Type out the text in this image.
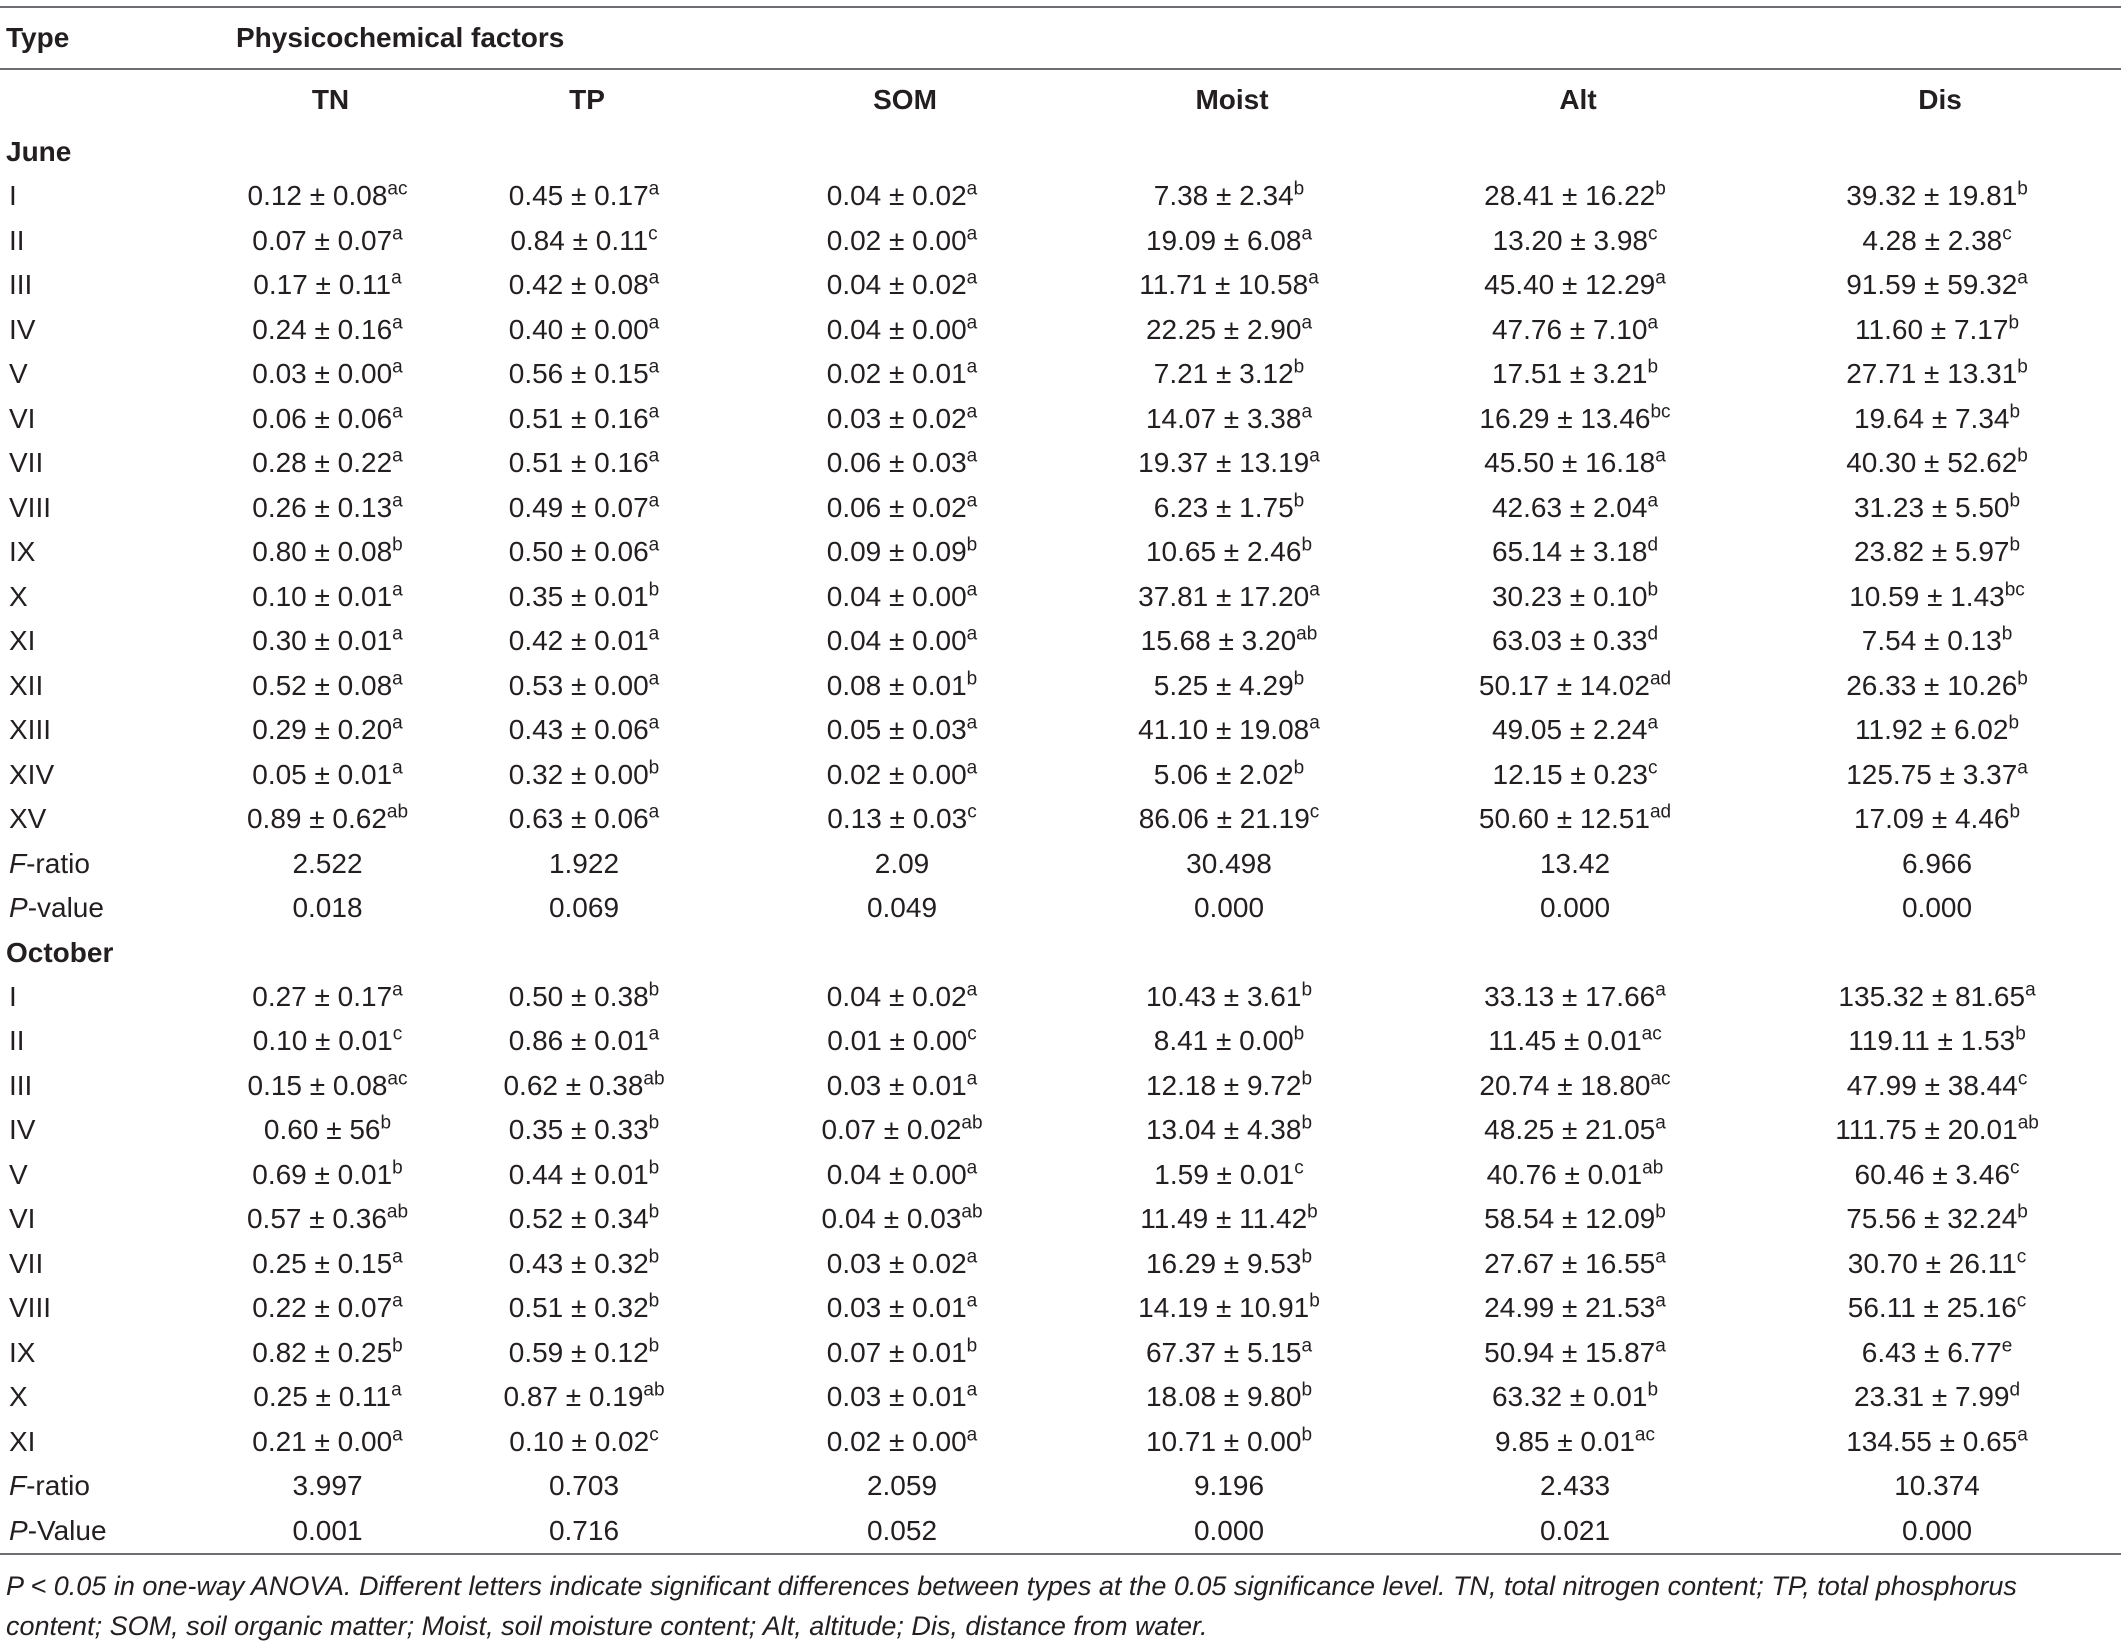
Type	Physicochemical factors					
	TN	TP	SOM	Moist	Alt	Dis
June						
I	0.12 ± 0.08$^{ac}$	0.45 ± 0.17$^a$	0.04 ± 0.02$^a$	7.38 ± 2.34$^b$	28.41 ± 16.22$^b$	39.32 ± 19.81$^b$
II	0.07 ± 0.07$^a$	0.84 ± 0.11$^c$	0.02 ± 0.00$^a$	19.09 ± 6.08$^a$	13.20 ± 3.98$^c$	4.28 ± 2.38$^c$
III	0.17 ± 0.11$^a$	0.42 ± 0.08$^a$	0.04 ± 0.02$^a$	11.71 ± 10.58$^a$	45.40 ± 12.29$^a$	91.59 ± 59.32$^a$
IV	0.24 ± 0.16$^a$	0.40 ± 0.00$^a$	0.04 ± 0.00$^a$	22.25 ± 2.90$^a$	47.76 ± 7.10$^a$	11.60 ± 7.17$^b$
V	0.03 ± 0.00$^a$	0.56 ± 0.15$^a$	0.02 ± 0.01$^a$	7.21 ± 3.12$^b$	17.51 ± 3.21$^b$	27.71 ± 13.31$^b$
VI	0.06 ± 0.06$^a$	0.51 ± 0.16$^a$	0.03 ± 0.02$^a$	14.07 ± 3.38$^a$	16.29 ± 13.46$^{bc}$	19.64 ± 7.34$^b$
VII	0.28 ± 0.22$^a$	0.51 ± 0.16$^a$	0.06 ± 0.03$^a$	19.37 ± 13.19$^a$	45.50 ± 16.18$^a$	40.30 ± 52.62$^b$
VIII	0.26 ± 0.13$^a$	0.49 ± 0.07$^a$	0.06 ± 0.02$^a$	6.23 ± 1.75$^b$	42.63 ± 2.04$^a$	31.23 ± 5.50$^b$
IX	0.80 ± 0.08$^b$	0.50 ± 0.06$^a$	0.09 ± 0.09$^b$	10.65 ± 2.46$^b$	65.14 ± 3.18$^d$	23.82 ± 5.97$^b$
X	0.10 ± 0.01$^a$	0.35 ± 0.01$^b$	0.04 ± 0.00$^a$	37.81 ± 17.20$^a$	30.23 ± 0.10$^b$	10.59 ± 1.43$^{bc}$
XI	0.30 ± 0.01$^a$	0.42 ± 0.01$^a$	0.04 ± 0.00$^a$	15.68 ± 3.20$^{ab}$	63.03 ± 0.33$^d$	7.54 ± 0.13$^b$
XII	0.52 ± 0.08$^a$	0.53 ± 0.00$^a$	0.08 ± 0.01$^b$	5.25 ± 4.29$^b$	50.17 ± 14.02$^{ad}$	26.33 ± 10.26$^b$
XIII	0.29 ± 0.20$^a$	0.43 ± 0.06$^a$	0.05 ± 0.03$^a$	41.10 ± 19.08$^a$	49.05 ± 2.24$^a$	11.92 ± 6.02$^b$
XIV	0.05 ± 0.01$^a$	0.32 ± 0.00$^b$	0.02 ± 0.00$^a$	5.06 ± 2.02$^b$	12.15 ± 0.23$^c$	125.75 ± 3.37$^a$
XV	0.89 ± 0.62$^{ab}$	0.63 ± 0.06$^a$	0.13 ± 0.03$^c$	86.06 ± 21.19$^c$	50.60 ± 12.51$^{ad}$	17.09 ± 4.46$^b$
F-ratio	2.522	1.922	2.09	30.498	13.42	6.966
P-value	0.018	0.069	0.049	0.000	0.000	0.000
October						
I	0.27 ± 0.17$^a$	0.50 ± 0.38$^b$	0.04 ± 0.02$^a$	10.43 ± 3.61$^b$	33.13 ± 17.66$^a$	135.32 ± 81.65$^a$
II	0.10 ± 0.01$^c$	0.86 ± 0.01$^a$	0.01 ± 0.00$^c$	8.41 ± 0.00$^b$	11.45 ± 0.01$^{ac}$	119.11 ± 1.53$^b$
III	0.15 ± 0.08$^{ac}$	0.62 ± 0.38$^{ab}$	0.03 ± 0.01$^a$	12.18 ± 9.72$^b$	20.74 ± 18.80$^{ac}$	47.99 ± 38.44$^c$
IV	$0.60 \pm 56^b$	0.35 ± 0.33$^b$	0.07 ± 0.02$^{ab}$	13.04 ± 4.38$^b$	48.25 ± 21.05$^a$	111.75 ± 20.01$^{ab}$
V	0.69 ± 0.01$^b$	0.44 ± 0.01$^b$	0.04 ± 0.00$^a$	1.59 ± 0.01$^c$	40.76 ± 0.01$^{ab}$	60.46 ± 3.46$^c$
VI	0.57 ± 0.36$^{ab}$	0.52 ± 0.34$^b$	0.04 ± 0.03$^{ab}$	11.49 ± 11.42$^b$	58.54 ± 12.09$^b$	75.56 ± 32.24$^b$
VII	0.25 ± 0.15$^a$	0.43 ± 0.32$^b$	0.03 ± 0.02$^a$	16.29 ± 9.53$^b$	27.67 ± 16.55$^a$	30.70 ± 26.11$^c$
VIII	0.22 ± 0.07$^a$	0.51 ± 0.32$^b$	0.03 ± 0.01$^a$	14.19 ± 10.91$^b$	24.99 ± 21.53$^a$	56.11 ± 25.16$^c$
IX	0.82 ± 0.25$^b$	0.59 ± 0.12$^b$	0.07 ± 0.01$^b$	67.37 ± 5.15$^a$	50.94 ± 15.87$^a$	6.43 ± 6.77$^e$
X	0.25 ± 0.11$^a$	0.87 ± 0.19$^{ab}$	0.03 ± 0.01$^a$	18.08 ± 9.80$^b$	63.32 ± 0.01$^b$	23.31 ± 7.99$^d$
XI	0.21 ± 0.00$^a$	0.10 ± 0.02$^c$	0.02 ± 0.00$^a$	10.71 ± 0.00$^b$	9.85 ± 0.01$^{ac}$	134.55 ± 0.65$^a$
F-ratio	3.997	0.703	2.059	9.196	2.433	10.374
P-Value	0.001	0.716	0.052	0.000	0.021	0.000
P < 0.05 in one-way ANOVA. Different letters indicate significant differences between types at the 0.05 significance level. TN, total nitrogen content; TP, total phosphorus content; SOM, soil organic matter; Moist, soil moisture content; Alt, altitude; Dis, distance from water.
